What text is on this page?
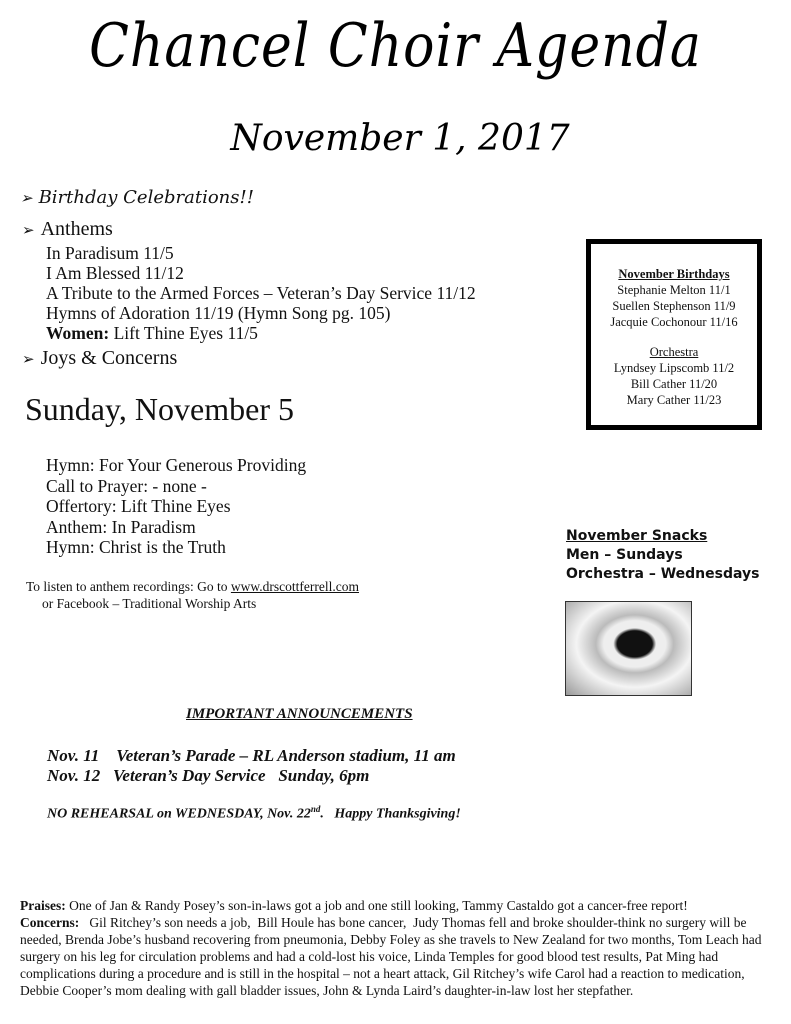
Chancel Choir Agenda
November 1, 2017
➢ Birthday Celebrations!!
➢ Anthems
In Paradisum 11/5
I Am Blessed 11/12
A Tribute to the Armed Forces – Veteran’s Day Service 11/12
Hymns of Adoration 11/19 (Hymn Song pg. 105)
Women: Lift Thine Eyes 11/5
➢ Joys & Concerns
November Birthdays
Stephanie Melton 11/1
Suellen Stephenson 11/9
Jacquie Cochonour 11/16
Orchestra
Lyndsey Lipscomb 11/2
Bill Cather 11/20
Mary Cather 11/23
Sunday, November 5
Hymn: For Your Generous Providing
Call to Prayer: - none -
Offertory: Lift Thine Eyes
Anthem: In Paradism
Hymn: Christ is the Truth
To listen to anthem recordings: Go to www.drscottferrell.com
or Facebook – Traditional Worship Arts
November Snacks
Men – Sundays
Orchestra – Wednesdays
IMPORTANT ANNOUNCEMENTS
Nov. 11    Veteran’s Parade – RL Anderson stadium, 11 am
Nov. 12   Veteran’s Day Service   Sunday, 6pm
NO REHEARSAL on WEDNESDAY, Nov. 22nd.   Happy Thanksgiving!
Praises: One of Jan & Randy Posey’s son-in-laws got a job and one still looking, Tammy Castaldo got a cancer-free report!
Concerns:   Gil Ritchey’s son needs a job,  Bill Houle has bone cancer,  Judy Thomas fell and broke shoulder-think no surgery will be needed, Brenda Jobe’s husband recovering from pneumonia, Debby Foley as she travels to New Zealand for two months, Tom Leach had surgery on his leg for circulation problems and had a cold-lost his voice, Linda Temples for good blood test results, Pat Ming had complications during a procedure and is still in the hospital – not a heart attack, Gil Ritchey’s wife Carol had a reaction to medication, Debbie Cooper’s mom dealing with gall bladder issues, John & Lynda Laird’s daughter-in-law lost her stepfather.
